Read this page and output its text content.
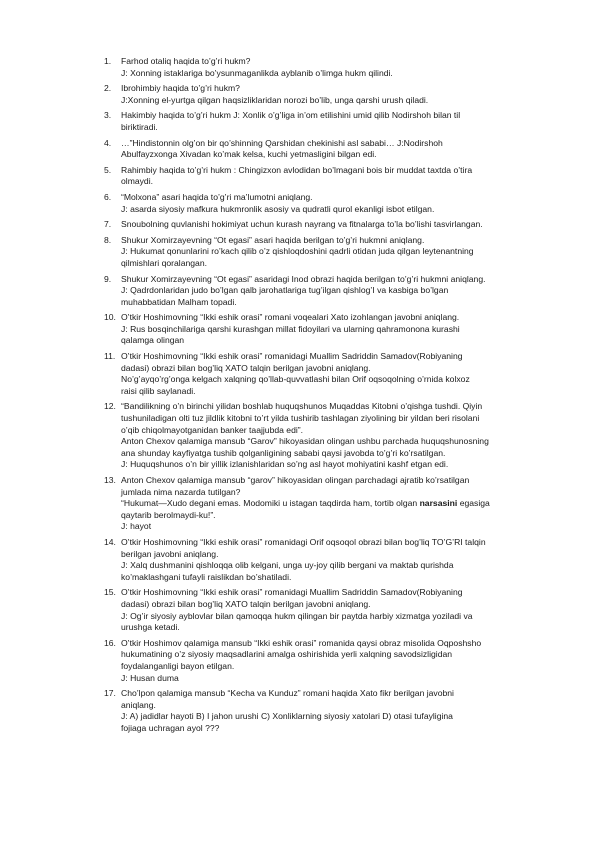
1.	Farhod otaliq haqida to’g’ri hukm?
J: Xonning istaklariga bo’ysunmaganlikda ayblanib o’limga hukm qilindi.
2.	Ibrohimbiy haqida to’g’ri hukm?
J:Xonning el-yurtga qilgan haqsizliklaridan norozi bo’lib, unga qarshi urush qiladi.
3.	Hakimbiy haqida to’g’ri hukm J: Xonlik o’g’liga in’om etilishini umid qilib Nodirshoh bilan til
biriktiradi.
4.	…”Hindistonnin olg’on bir qo’shinning Qarshidan chekinishi asl sababi… J:Nodirshoh
Abulfayzxonga Xivadan ko’mak kelsa, kuchi yetmasligini bilgan edi.
5.	Rahimbiy haqida to’g’ri hukm : Chingizxon avlodidan bo’lmagani bois bir muddat taxtda o’tira
olmaydi.
6.	“Molxona” asari haqida to’g’ri ma’lumotni aniqlang.
J: asarda siyosiy mafkura hukmronlik asosiy va qudratli qurol ekanligi isbot etilgan.
7.	Snoubolning quvlanishi hokimiyat uchun kurash nayrang va fitnalarga to’la bo’lishi tasvirlangan.
8.	Shukur Xomirzayevning “Ot egasi” asari haqida berilgan to’g’ri hukmni aniqlang.
J: Hukumat qonunlarini ro’kach qilib o’z qishloqdoshini qadrli otidan juda qilgan leytenantning
qilmishlari qoralangan.
9.	Shukur Xomirzayevning “Ot egasi” asaridagi Inod obrazi haqida berilgan to’g’ri hukmni aniqlang.
J: Qadrdonlaridan judo bo’lgan qalb jarohatlariga tug’ilgan qishlog’I va kasbiga bo’lgan
muhabbatidan Malham topadi.
10. O’tkir Hoshimovning “Ikki eshik orasi” romani voqealari Xato izohlangan javobni aniqlang.
J: Rus bosqinchilariga qarshi kurashgan millat fidoyilari va ularning qahramonona kurashi
qalamga olingan
11. O’tkir Hoshimovning “Ikki eshik orasi” romanidagi Muallim Sadriddin Samadov(Robiyaning
dadasi) obrazi bilan bog’liq XATO talqin berilgan javobni aniqlang.
No’g’ayqo’rg’onga kelgach xalqning qo’llab-quvvatlashi bilan Orif oqsoqolning o’rnida kolxoz
raisi qilib saylanadi.
12. “Bandilikning o’n birinchi yilidan boshlab huquqshunos Muqaddas Kitobni o’qishga tushdi. Qiyin
tushuniladigan olti tuz jildlik kitobni to’rt yilda tushirib tashlagan ziyolining bir yildan beri risolani
o’qib chiqolmayotganidan banker taajjubda edi”.
Anton Chexov qalamiga mansub “Garov” hikoyasidan olingan ushbu parchada huquqshunosning
ana shunday kayfiyatga tushib qolganligining sababi qaysi javobda to’g’ri ko’rsatilgan.
J: Huquqshunos o’n bir yillik izlanishlaridan so’ng asl hayot mohiyatini kashf etgan edi.
13. Anton Chexov qalamiga mansub “garov” hikoyasidan olingan parchadagi ajratib ko’rsatilgan
jumlada nima nazarda tutilgan?
“Hukumat—Xudo degani emas. Modomiki u istagan taqdirda ham, tortib olgan narsasini egasiga
qaytarib berolmaydi-ku!”.
J: hayot
14. O’tkir Hoshimovning “Ikki eshik orasi” romanidagi Orif oqsoqol obrazi bilan bog’liq TO’G’RI talqin
berilgan javobni aniqlang.
J: Xalq dushmanini qishloqqa olib kelgani, unga uy-joy qilib bergani va maktab qurishda
ko’maklashgani tufayli raislikdan bo’shatiladi.
15. O’tkir Hoshimovning “Ikki eshik orasi” romanidagi Muallim Sadriddin Samadov(Robiyaning
dadasi) obrazi bilan bog’liq XATO talqin berilgan javobni aniqlang.
J: Og’ir siyosiy ayblovlar bilan qamoqqa hukm qilingan bir paytda harbiy xizmatga yoziladi va
urushga ketadi.
16. O’tkir Hoshimov qalamiga mansub “Ikki eshik orasi” romanida qaysi obraz misolida Oqposhsho
hukumatining o’z siyosiy maqsadlarini amalga oshirishida yerli xalqning savodsizligidan
foydalanganligi bayon etilgan.
J: Husan duma
17. Cho’lpon qalamiga mansub “Kecha va Kunduz” romani haqida Xato fikr berilgan javobni
aniqlang.
J: A) jadidlar hayoti B) I jahon urushi C) Xonliklarning siyosiy xatolari D) otasi tufayligina
fojiaga uchragan ayol ???
